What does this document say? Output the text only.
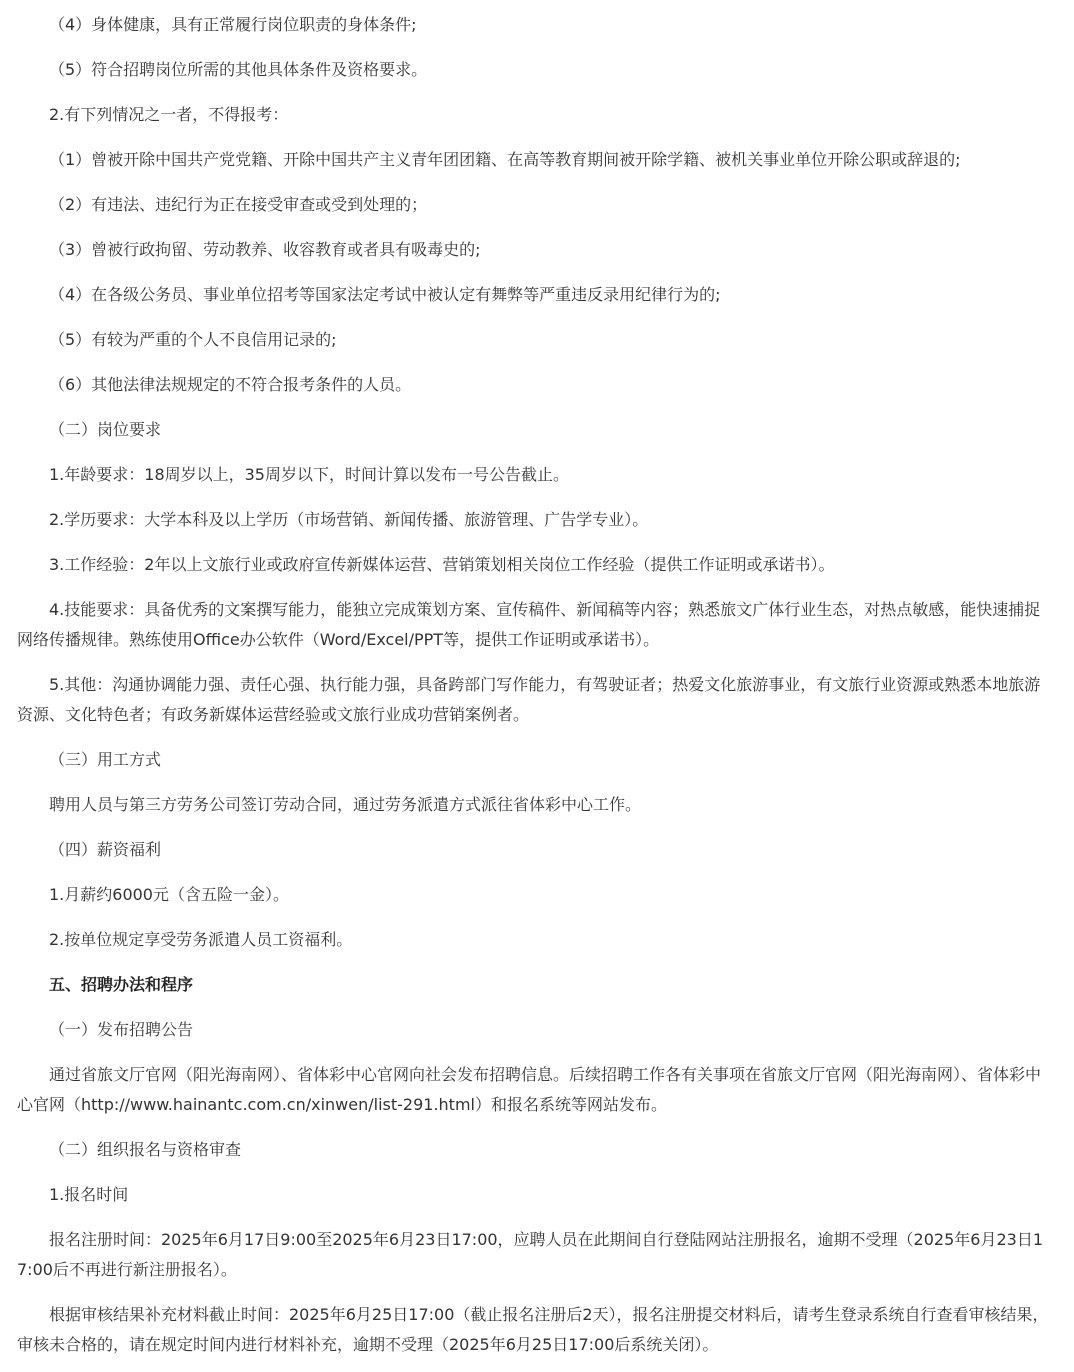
（4）身体健康，具有正常履行岗位职责的身体条件;

（5）符合招聘岗位所需的其他具体条件及资格要求。

2.有下列情况之一者，不得报考：

（1）曾被开除中国共产党党籍、开除中国共产主义青年团团籍、在高等教育期间被开除学籍、被机关事业单位开除公职或辞退的;

（2）有违法、违纪行为正在接受审查或受到处理的；

（3）曾被行政拘留、劳动教养、收容教育或者具有吸毒史的;

（4）在各级公务员、事业单位招考等国家法定考试中被认定有舞弊等严重违反录用纪律行为的;

（5）有较为严重的个人不良信用记录的;

（6）其他法律法规规定的不符合报考条件的人员。

（二）岗位要求

1.年龄要求：18周岁以上，35周岁以下，时间计算以发布一号公告截止。

2.学历要求：大学本科及以上学历（市场营销、新闻传播、旅游管理、广告学专业）。

3.工作经验：2年以上文旅行业或政府宣传新媒体运营、营销策划相关岗位工作经验（提供工作证明或承诺书）。

4.技能要求：具备优秀的文案撰写能力，能独立完成策划方案、宣传稿件、新闻稿等内容；熟悉旅文广体行业生态，对热点敏感，能快速捕捉网络传播规律。熟练使用Office办公软件（Word/Excel/PPT等，提供工作证明或承诺书）。

5.其他：沟通协调能力强、责任心强、执行能力强，具备跨部门写作能力，有驾驶证者；热爱文化旅游事业，有文旅行业资源或熟悉本地旅游资源、文化特色者；有政务新媒体运营经验或文旅行业成功营销案例者。

（三）用工方式

聘用人员与第三方劳务公司签订劳动合同，通过劳务派遣方式派往省体彩中心工作。

（四）薪资福利

1.月薪约6000元（含五险一金）。

2.按单位规定享受劳务派遣人员工资福利。

五、招聘办法和程序

（一）发布招聘公告

通过省旅文厅官网（阳光海南网）、省体彩中心官网向社会发布招聘信息。后续招聘工作各有关事项在省旅文厅官网（阳光海南网）、省体彩中心官网（http://www.hainantc.com.cn/xinwen/list-291.html）和报名系统等网站发布。

（二）组织报名与资格审查

1.报名时间

报名注册时间：2025年6月17日9:00至2025年6月23日17:00，应聘人员在此期间自行登陆网站注册报名，逾期不受理（2025年6月23日17:00后不再进行新注册报名）。

根据审核结果补充材料截止时间：2025年6月25日17:00（截止报名注册后2天），报名注册提交材料后，请考生登录系统自行查看审核结果，审核未合格的，请在规定时间内进行材料补充，逾期不受理（2025年6月25日17:00后系统关闭）。
